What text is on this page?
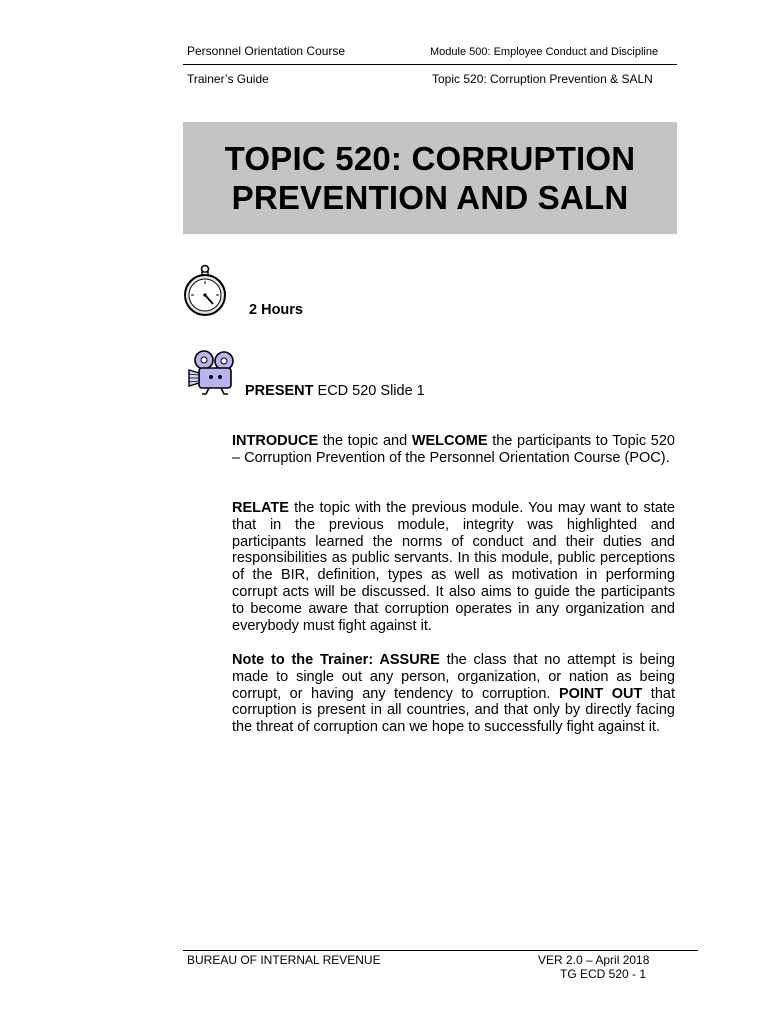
Personnel Orientation Course	Module 500: Employee Conduct and Discipline
Trainer’s Guide	Topic 520: Corruption Prevention & SALN
TOPIC 520: CORRUPTION
PREVENTION AND SALN
2 Hours
PRESENT ECD 520 Slide 1
INTRODUCE the topic and WELCOME the participants to Topic 520 – Corruption Prevention of the Personnel Orientation Course (POC).
RELATE the topic with the previous module. You may want to state that in the previous module, integrity was highlighted and participants learned the norms of conduct and their duties and responsibilities as public servants. In this module, public perceptions of the BIR, definition, types as well as motivation in performing corrupt acts will be discussed. It also aims to guide the participants to become aware that corruption operates in any organization and everybody must fight against it.
Note to the Trainer: ASSURE the class that no attempt is being made to single out any person, organization, or nation as being corrupt, or having any tendency to corruption. POINT OUT that corruption is present in all countries, and that only by directly facing the threat of corruption can we hope to successfully fight against it.
BUREAU OF INTERNAL REVENUE	VER 2.0 – April 2018
TG ECD 520 - 1
